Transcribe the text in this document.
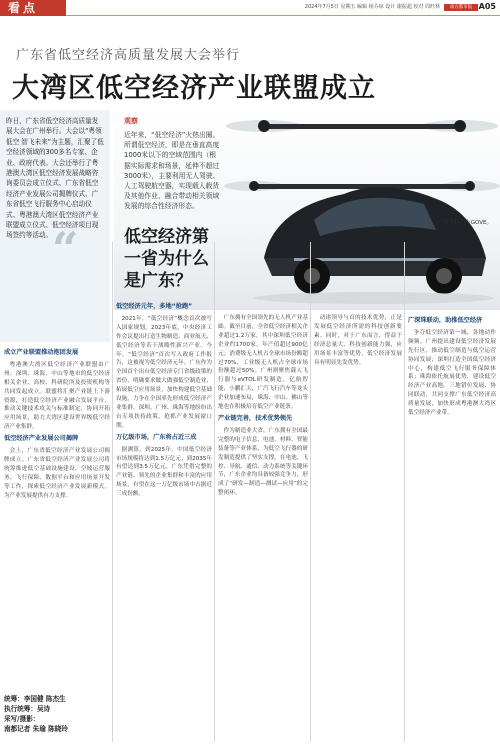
看点	2024年7月5日 星期五 编辑 杨芬琼 设计 谢振超 校对 周旺林	南方都市报 A05
广东省低空经济高质量发展大会举行
大湾区低空经济产业联盟成立
昨日，广东省低空经济高质量发展大会在广州举行。大会以“粤领低空 智飞未来”为主题，汇聚了低空经济领域的300多名专家、企业、政府代表。大会还举行了粤港澳大湾区低空经济发展战略咨询委员会成立仪式、广东省低空经济产业发展公司揭牌仪式、广东省低空飞行服务中心启动仪式、粤港澳大湾区低空经济产业联盟成立仪式、低空经济项目现场签约等活动。 “
观察
近年来，“低空经济”火热出圈。所谓低空经济，即是在垂直高度1000米以下的空域范围内（根据实际需求和场景，延伸不超过3000米），主要利用无人驾驶、人工驾驶航空器，实现载人载货及其他作业、融合带动相关领域发展的综合性经济形态。
低空经济第一省为什么是广东？
广汽飞行汽车GOVE。
成立产业联盟推动抱团发展

粤港澳大湾区低空经济产业联盟由广州、深圳、珠海、中山等地市的低空经济相关企业、高校、科研院所及投资机构等共同发起成立。联盟将汇聚产业链上下游资源，打造低空经济产业融合发展平台，推动关键技术攻关与标准制定，协同开拓应用场景，助力大湾区建设世界级低空经济产业集群。

低空经济产业发展公司揭牌

会上，广东省低空经济产业发展公司揭牌成立。广东省低空经济产业发展公司将统筹推进低空基础设施建设、空域运营服务、飞行保障、数据平台和应用场景开发等工作，探索低空经济产业发展新模式，为产业发展提供有力支撑。

低空经济元年，多地“抢跑”

2021年，“低空经济”概念首次被写入国家规划。2023年底，中央经济工作会议提出打造生物制造、商业航天、低空经济等若干战略性新兴产业。今年，“低空经济”首次写入政府工作报告，这被视为低空经济元年。广东作为全国首个出台低空经济专门省级政策的省份，明确要求做大做强低空制造业，拓展低空应用场景，加快构建低空基础设施，力争在全国率先形成低空经济产业集群。深圳、广州、珠海等地纷纷出台专项扶持政策，抢抓产业发展窗口期。

万亿级市场，广东将占近三成

据测算，到2025年，中国低空经济市场规模将达到1.5万亿元；到2035年有望达到3.5万亿元。广东凭借完整的产业链、领先的企业集群和丰富的应用场景，有望在这一万亿级市场中占据近三成份额。

广东拥有全国领先的无人机产业基础。截至目前，全省低空经济相关企业超过1.2万家，其中深圳低空经济企业约1700家，年产值超过900亿元；消费级无人机占全球市场份额超过70%，工业级无人机占全球市场份额超过50%。广州则聚焦载人飞行器与eVTOL研发制造，亿航智能、小鹏汇天、广汽飞行汽车等龙头企业加速布局，珠海、中山、佛山等地也在积极培育低空产业链条。

产业链完善，技术优势领先

作为制造业大省，广东拥有全国最完整的电子信息、电池、材料、智能装备等产业体系，为低空飞行器的研发制造提供了坚实支撑。在电池、飞控、导航、通信、动力系统等关键环节，广东企业均具备较强竞争力，形成了“研发—制造—测试—应用”的完整闭环。

动诸领导与首的技术优势，正是发展低空经济所需的科技创新要素。同时，对于广东而言，得益于经济总量大、科技创新能力强、应用场景丰富等优势，低空经济发展具有明显先发优势。

广深珠联动，助推低空经济

争夺低空经济第一城，各地动作频频。广州提出建设低空经济发展先行区，推动低空制造与低空运营协同发展；深圳打造全国低空经济中心，构建低空飞行服务保障体系；珠海依托航展优势，建设低空经济产业高地。三地错位发展、协同联动，共同支撑广东低空经济高质量发展，加快形成粤港澳大湾区低空经济产业带。

统筹：李国健 陈杰生
执行统筹：吴诗
采写/摄影：
南都记者 朱瑜 陈晓玲
